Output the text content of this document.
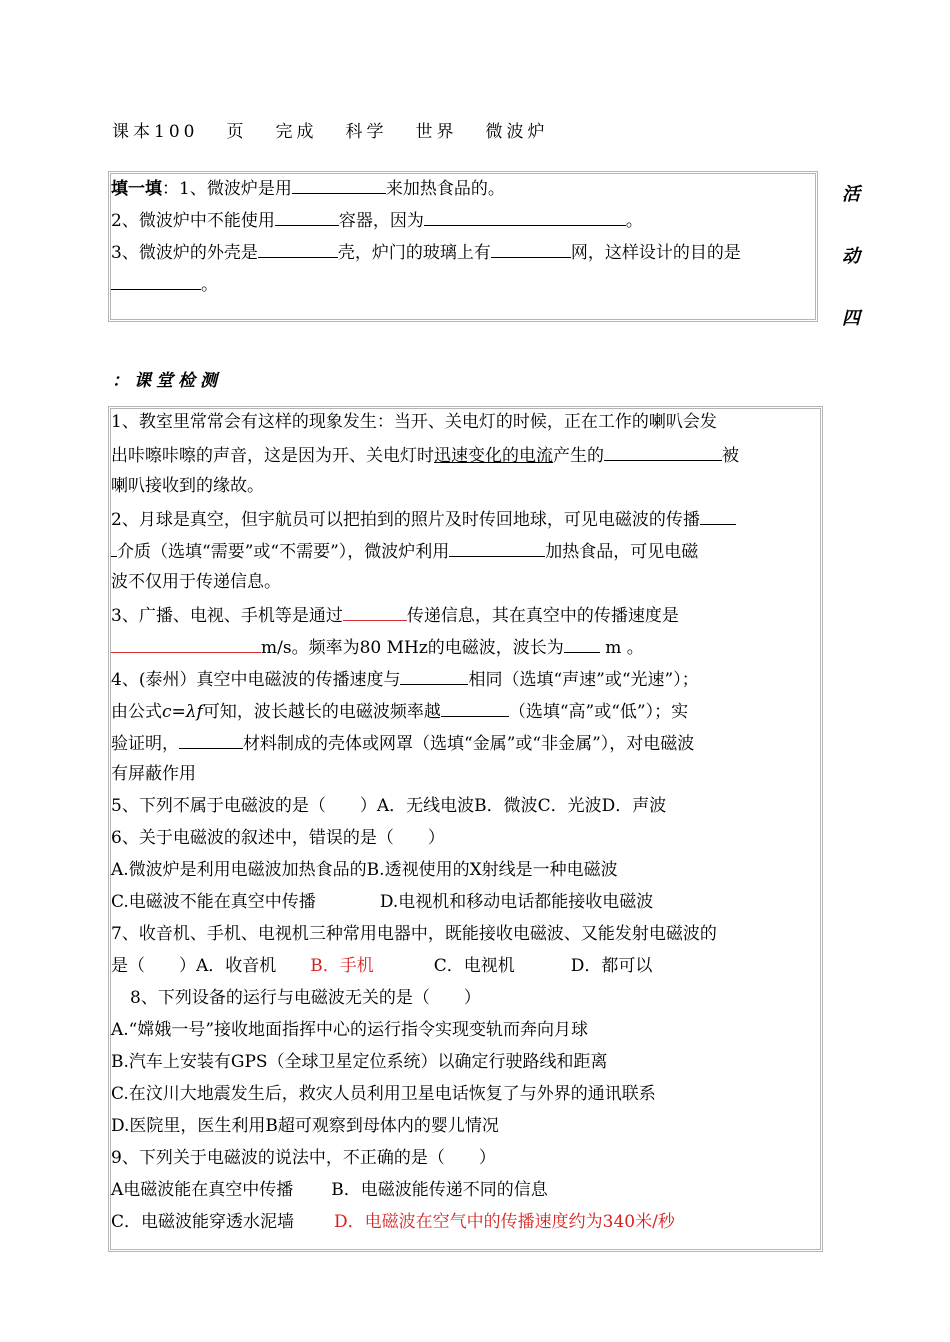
课本100 页 完成 科学 世界 微波炉
填一填：1、微波炉是用	来加热食品的。
2、微波炉中不能使用	容器，因为	。
3、微波炉的外壳是	壳，炉门的玻璃上有	网，这样设计的目的是
。
活
动
四
：课堂检测
1、教室里常常会有这样的现象发生：当开、关电灯的时候，正在工作的喇叭会发
出咔嚓咔嚓的声音，这是因为开、关电灯时迅速变化的电流产生的	被
喇叭接收到的缘故。
2、月球是真空，但宇航员可以把拍到的照片及时传回地球，可见电磁波的传播
介质（选填“需要”或“不需要”），微波炉利用	加热食品，可见电磁
波不仅用于传递信息。
3、广播、电视、手机等是通过	传递信息，其在真空中的传播速度是
m/s。频率为80 MHz的电磁波，波长为 m 。
4、(泰州）真空中电磁波的传播速度与	相同（选填“声速”或“光速”）；
由公式c=λf可知，波长越长的电磁波频率越	（选填“高”或“低”）；实
验证明，	材料制成的壳体或网罩（选填“金属”或“非金属”），对电磁波
有屏蔽作用
5、下列不属于电磁波的是（　　）A．无线电波B．微波C．光波D．声波
6、关于电磁波的叙述中，错误的是（　　）
A.微波炉是利用电磁波加热食品的B.透视使用的X射线是一种电磁波
C.电磁波不能在真空中传播	D.电视机和移动电话都能接收电磁波
7、收音机、手机、电视机三种常用电器中，既能接收电磁波、又能发射电磁波的
是（　　）A．收音机 B．手机	C．电视机	D．都可以
8、下列设备的运行与电磁波无关的是（　　）
A.“嫦娥一号”接收地面指挥中心的运行指令实现变轨而奔向月球
B.汽车上安装有GPS（全球卫星定位系统）以确定行驶路线和距离
C.在汶川大地震发生后，救灾人员利用卫星电话恢复了与外界的通讯联系
D.医院里，医生利用B超可观察到母体内的婴儿情况
9、下列关于电磁波的说法中，不正确的是（　　）
A电磁波能在真空中传播 B．电磁波能传递不同的信息
C．电磁波能穿透水泥墙 D．电磁波在空气中的传播速度约为340米/秒
